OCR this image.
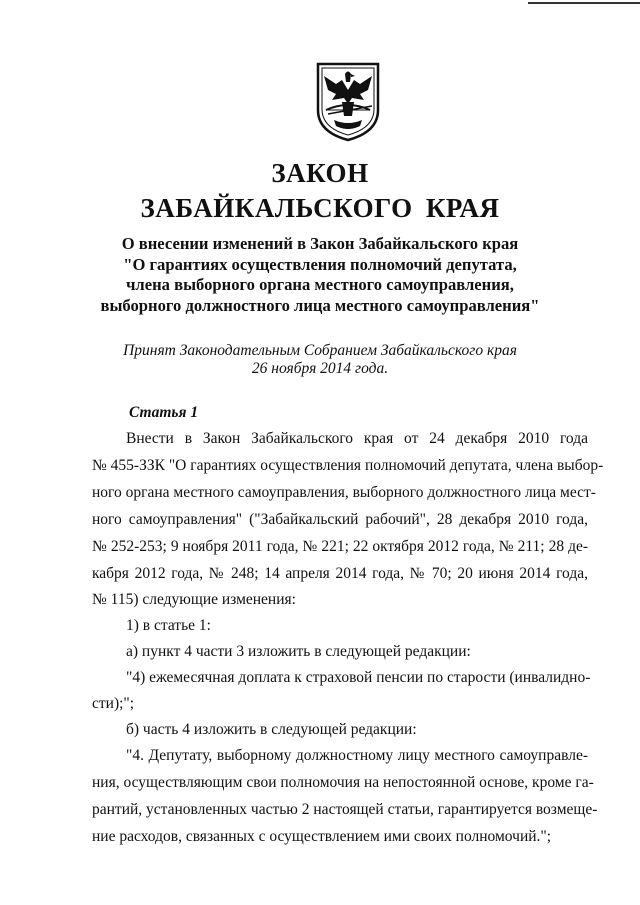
ЗАКОН
ЗАБАЙКАЛЬСКОГО КРАЯ
О внесении изменений в Закон Забайкальского края
"О гарантиях осуществления полномочий депутата,
члена выборного органа местного самоуправления,
выборного должностного лица местного самоуправления"
Принят Законодательным Собранием Забайкальского края
26 ноября 2014 года.
Статья 1
Внести в Закон Забайкальского края от 24 декабря 2010 года
№ 455-ЗЗК "О гарантиях осуществления полномочий депутата, члена выбор-
ного органа местного самоуправления, выборного должностного лица мест-
ного самоуправления" ("Забайкальский рабочий", 28 декабря 2010 года,
№ 252-253; 9 ноября 2011 года, № 221; 22 октября 2012 года, № 211; 28 де-
кабря 2012 года, № 248; 14 апреля 2014 года, № 70; 20 июня 2014 года,
№ 115) следующие изменения:
1) в статье 1:
а) пункт 4 части 3 изложить в следующей редакции:
"4) ежемесячная доплата к страховой пенсии по старости (инвалидно-
сти);";
б) часть 4 изложить в следующей редакции:
"4. Депутату, выборному должностному лицу местного самоуправле-
ния, осуществляющим свои полномочия на непостоянной основе, кроме га-
рантий, установленных частью 2 настоящей статьи, гарантируется возмеще-
ние расходов, связанных с осуществлением ими своих полномочий.";
